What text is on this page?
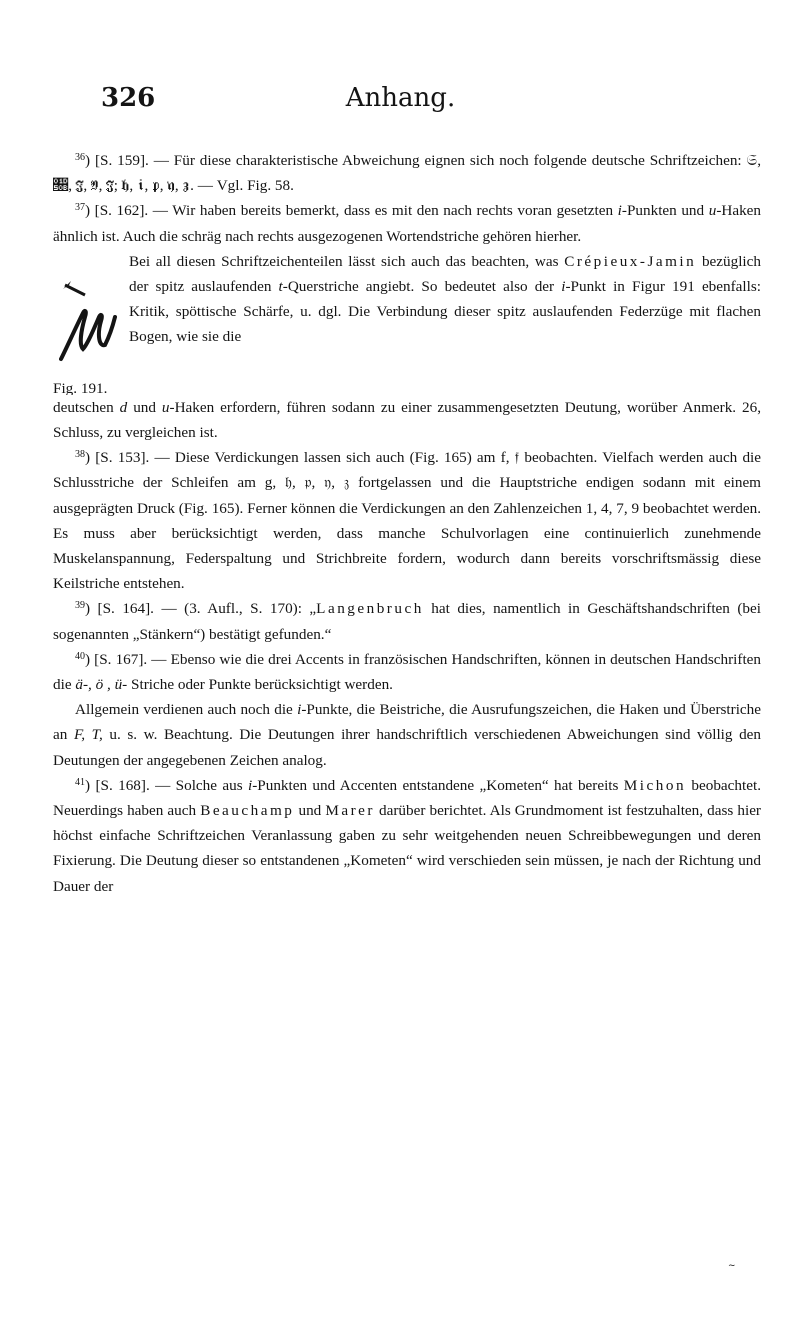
326	Anhang.

$^{36}$) [S. 159]. — Für diese charakteristische Abweichung eignen sich noch folgende deutsche Schriftzeichen: 𝔖, 𝔋, 𝔍, 𝔜, 𝔍; 𝔥, 𝔦, 𝔭, 𝔶, 𝔷. — Vgl. Fig. 58.

$^{37}$) [S. 162]. — Wir haben bereits bemerkt, dass es mit den nach rechts voran gesetzten i-Punkten und u-Haken ähnlich ist. Auch die schräg nach rechts ausgezogenen Wortendstriche gehören hierher.

Fig. 191.

Bei all diesen Schriftzeichenteilen lässt sich auch das beachten, was Crépieux-Jamin bezüglich der spitz auslaufenden t-Querstriche angiebt. So bedeutet also der i-Punkt in Figur 191 ebenfalls: Kritik, spöttische Schärfe, u. dgl. Die Verbindung dieser spitz auslaufenden Federzüge mit flachen Bogen, wie sie die

deutschen d und u-Haken erfordern, führen sodann zu einer zusammengesetzten Deutung, worüber Anmerk. 26, Schluss, zu vergleichen ist.

$^{38}$) [S. 153]. — Diese Verdickungen lassen sich auch (Fig. 165) am f, 𝔣 beobachten. Vielfach werden auch die Schlusstriche der Schleifen am g, 𝔥, 𝔭, 𝔶, 𝔷 fortgelassen und die Hauptstriche endigen sodann mit einem ausgeprägten Druck (Fig. 165). Ferner können die Verdickungen an den Zahlenzeichen 1, 4, 7, 9 beobachtet werden. Es muss aber berücksichtigt werden, dass manche Schulvorlagen eine continuierlich zunehmende Muskelanspannung, Federspaltung und Strichbreite fordern, wodurch dann bereits vorschriftsmässig diese Keilstriche entstehen.

$^{39}$) [S. 164]. — (3. Aufl., S. 170): „Langenbruch hat dies, namentlich in Geschäftshandschriften (bei sogenannten „Stänkern“) bestätigt gefunden.“

$^{40}$) [S. 167]. — Ebenso wie die drei Accents in französischen Handschriften, können in deutschen Handschriften die ä-, ö , ü- Striche oder Punkte berücksichtigt werden.

Allgemein verdienen auch noch die i-Punkte, die Beistriche, die Ausrufungszeichen, die Haken und Überstriche an F, T, u. s. w. Beachtung. Die Deutungen ihrer handschriftlich verschiedenen Abweichungen sind völlig den Deutungen der angegebenen Zeichen analog.

$^{41}$) [S. 168]. — Solche aus i-Punkten und Accenten entstandene „Kometen“ hat bereits Michon beobachtet. Neuerdings haben auch Beauchamp und Marer darüber berichtet. Als Grundmoment ist festzuhalten, dass hier höchst einfache Schriftzeichen Veranlassung gaben zu sehr weitgehenden neuen Schreibbewegungen und deren Fixierung. Die Deutung dieser so entstandenen „Kometen“ wird verschieden sein müssen, je nach der Richtung und Dauer der

~
